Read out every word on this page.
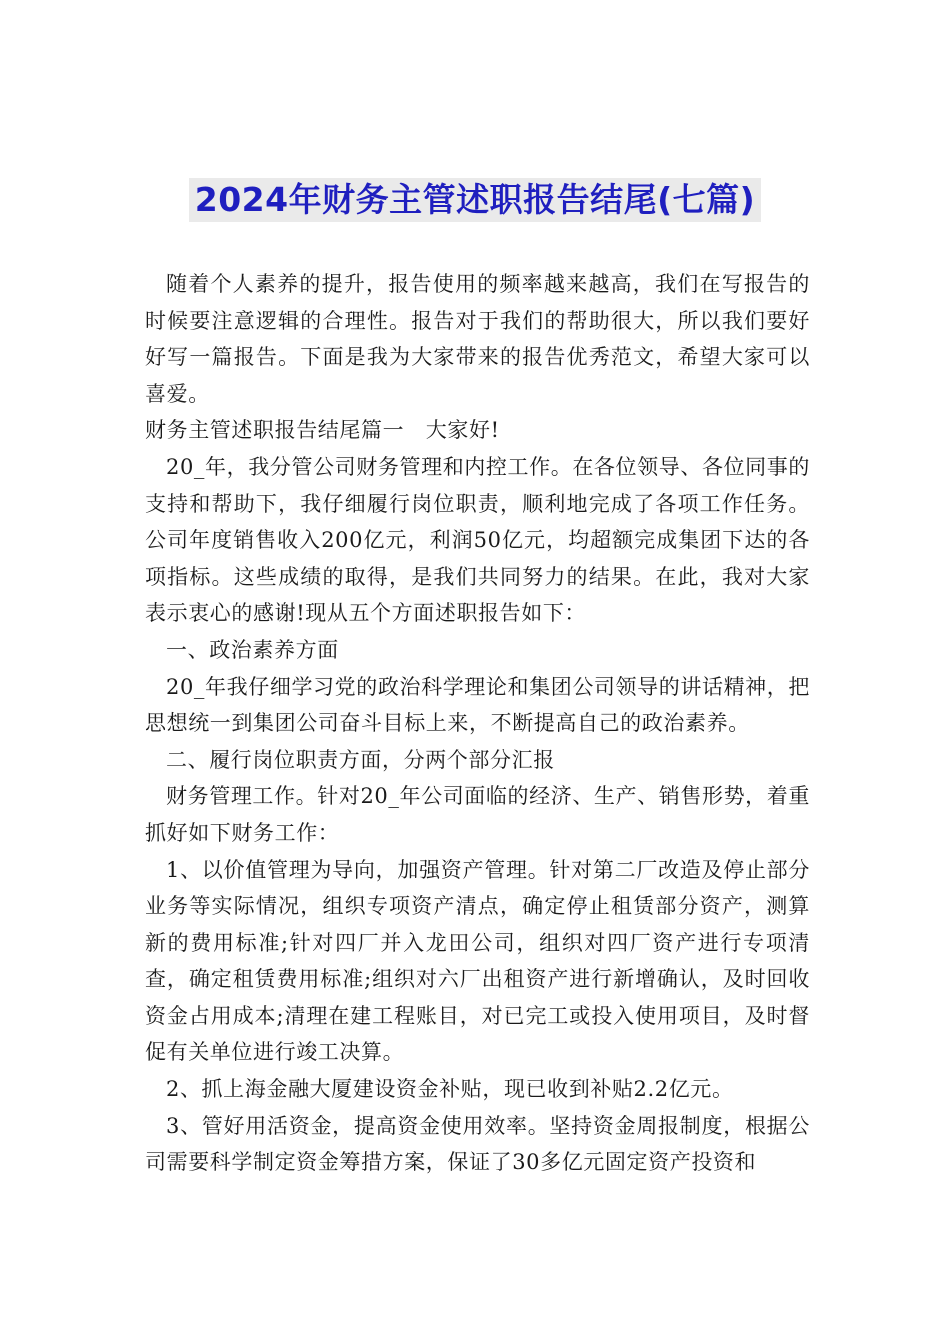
2024年财务主管述职报告结尾(七篇)

随着个人素养的提升，报告使用的频率越来越高，我们在写报告的时候要注意逻辑的合理性。报告对于我们的帮助很大，所以我们要好好写一篇报告。下面是我为大家带来的报告优秀范文，希望大家可以喜爱。

财务主管述职报告结尾篇一　大家好!

20_年，我分管公司财务管理和内控工作。在各位领导、各位同事的支持和帮助下，我仔细履行岗位职责，顺利地完成了各项工作任务。公司年度销售收入200亿元，利润50亿元，均超额完成集团下达的各项指标。这些成绩的取得，是我们共同努力的结果。在此，我对大家表示衷心的感谢!现从五个方面述职报告如下：

一、政治素养方面

20_年我仔细学习党的政治科学理论和集团公司领导的讲话精神，把思想统一到集团公司奋斗目标上来，不断提高自己的政治素养。

二、履行岗位职责方面，分两个部分汇报

财务管理工作。针对20_年公司面临的经济、生产、销售形势，着重抓好如下财务工作：

1、以价值管理为导向，加强资产管理。针对第二厂改造及停止部分业务等实际情况，组织专项资产清点，确定停止租赁部分资产，测算新的费用标准;针对四厂并入龙田公司，组织对四厂资产进行专项清查，确定租赁费用标准;组织对六厂出租资产进行新增确认，及时回收资金占用成本;清理在建工程账目，对已完工或投入使用项目，及时督促有关单位进行竣工决算。

2、抓上海金融大厦建设资金补贴，现已收到补贴2.2亿元。

3、管好用活资金，提高资金使用效率。坚持资金周报制度，根据公司需要科学制定资金筹措方案，保证了30多亿元固定资产投资和
